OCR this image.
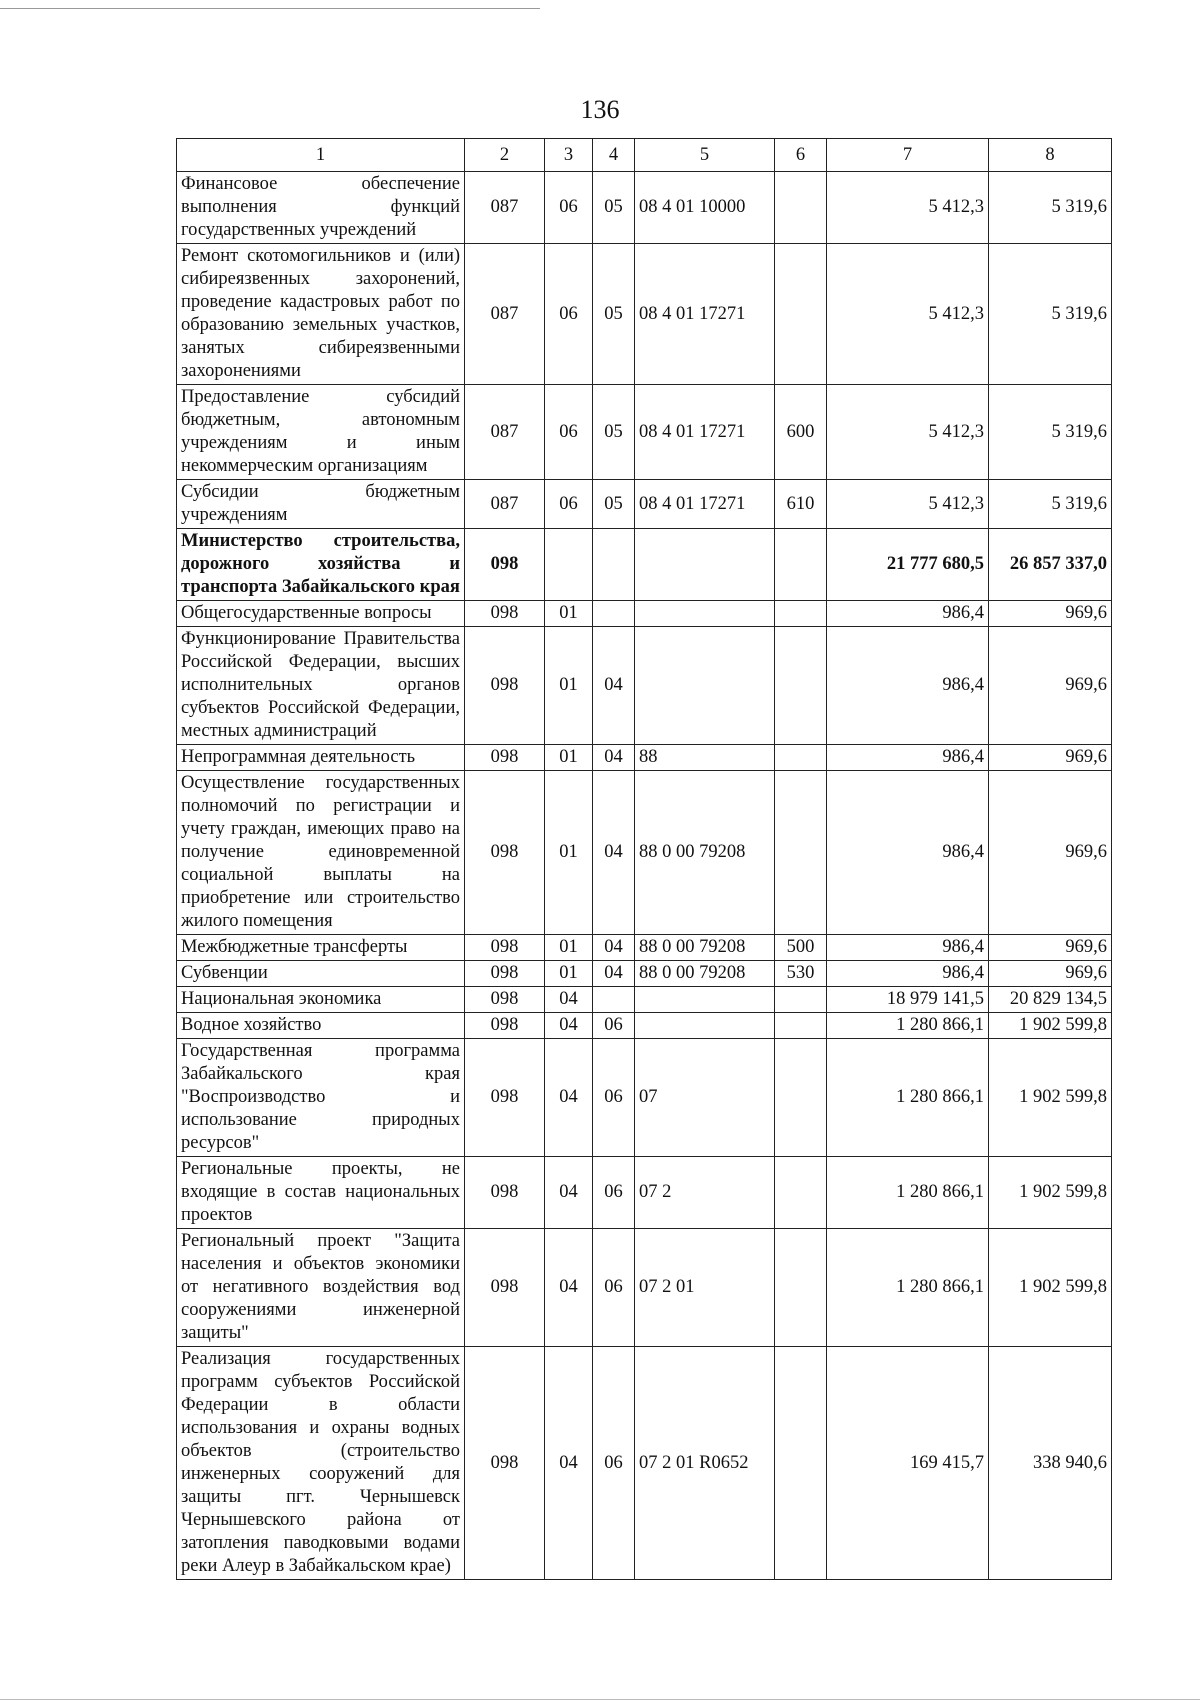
136
1	2	3	4	5	6	7	8
Финансовое обеспечение выполнения функций государственных учреждений	087	06	05	08 4 01 10000		5 412,3	5 319,6
Ремонт скотомогильников и (или) сибиреязвенных захоронений, проведение кадастровых работ по образованию земельных участков, занятых сибиреязвенными захоронениями	087	06	05	08 4 01 17271		5 412,3	5 319,6
Предоставление субсидий бюджетным, автономным учреждениям и иным некоммерческим организациям	087	06	05	08 4 01 17271	600	5 412,3	5 319,6
Субсидии бюджетным учреждениям	087	06	05	08 4 01 17271	610	5 412,3	5 319,6
Министерство строительства, дорожного хозяйства и транспорта Забайкальского края	098					21 777 680,5	26 857 337,0
Общегосударственные вопросы	098	01				986,4	969,6
Функционирование Правительства Российской Федерации, высших исполнительных органов субъектов Российской Федерации, местных администраций	098	01	04			986,4	969,6
Непрограммная деятельность	098	01	04	88		986,4	969,6
Осуществление государственных полномочий по регистрации и учету граждан, имеющих право на получение единовременной социальной выплаты на приобретение или строительство жилого помещения	098	01	04	88 0 00 79208		986,4	969,6
Межбюджетные трансферты	098	01	04	88 0 00 79208	500	986,4	969,6
Субвенции	098	01	04	88 0 00 79208	530	986,4	969,6
Национальная экономика	098	04				18 979 141,5	20 829 134,5
Водное хозяйство	098	04	06			1 280 866,1	1 902 599,8
Государственная программа Забайкальского края "Воспроизводство и использование природных ресурсов"	098	04	06	07		1 280 866,1	1 902 599,8
Региональные проекты, не входящие в состав национальных проектов	098	04	06	07 2		1 280 866,1	1 902 599,8
Региональный проект "Защита населения и объектов экономики от негативного воздействия вод сооружениями инженерной защиты"	098	04	06	07 2 01		1 280 866,1	1 902 599,8
Реализация государственных программ субъектов Российской Федерации в области использования и охраны водных объектов (строительство инженерных сооружений для защиты пгт. Чернышевск Чернышевского района от затопления паводковыми водами реки Алеур в Забайкальском крае)	098	04	06	07 2 01 R0652		169 415,7	338 940,6
